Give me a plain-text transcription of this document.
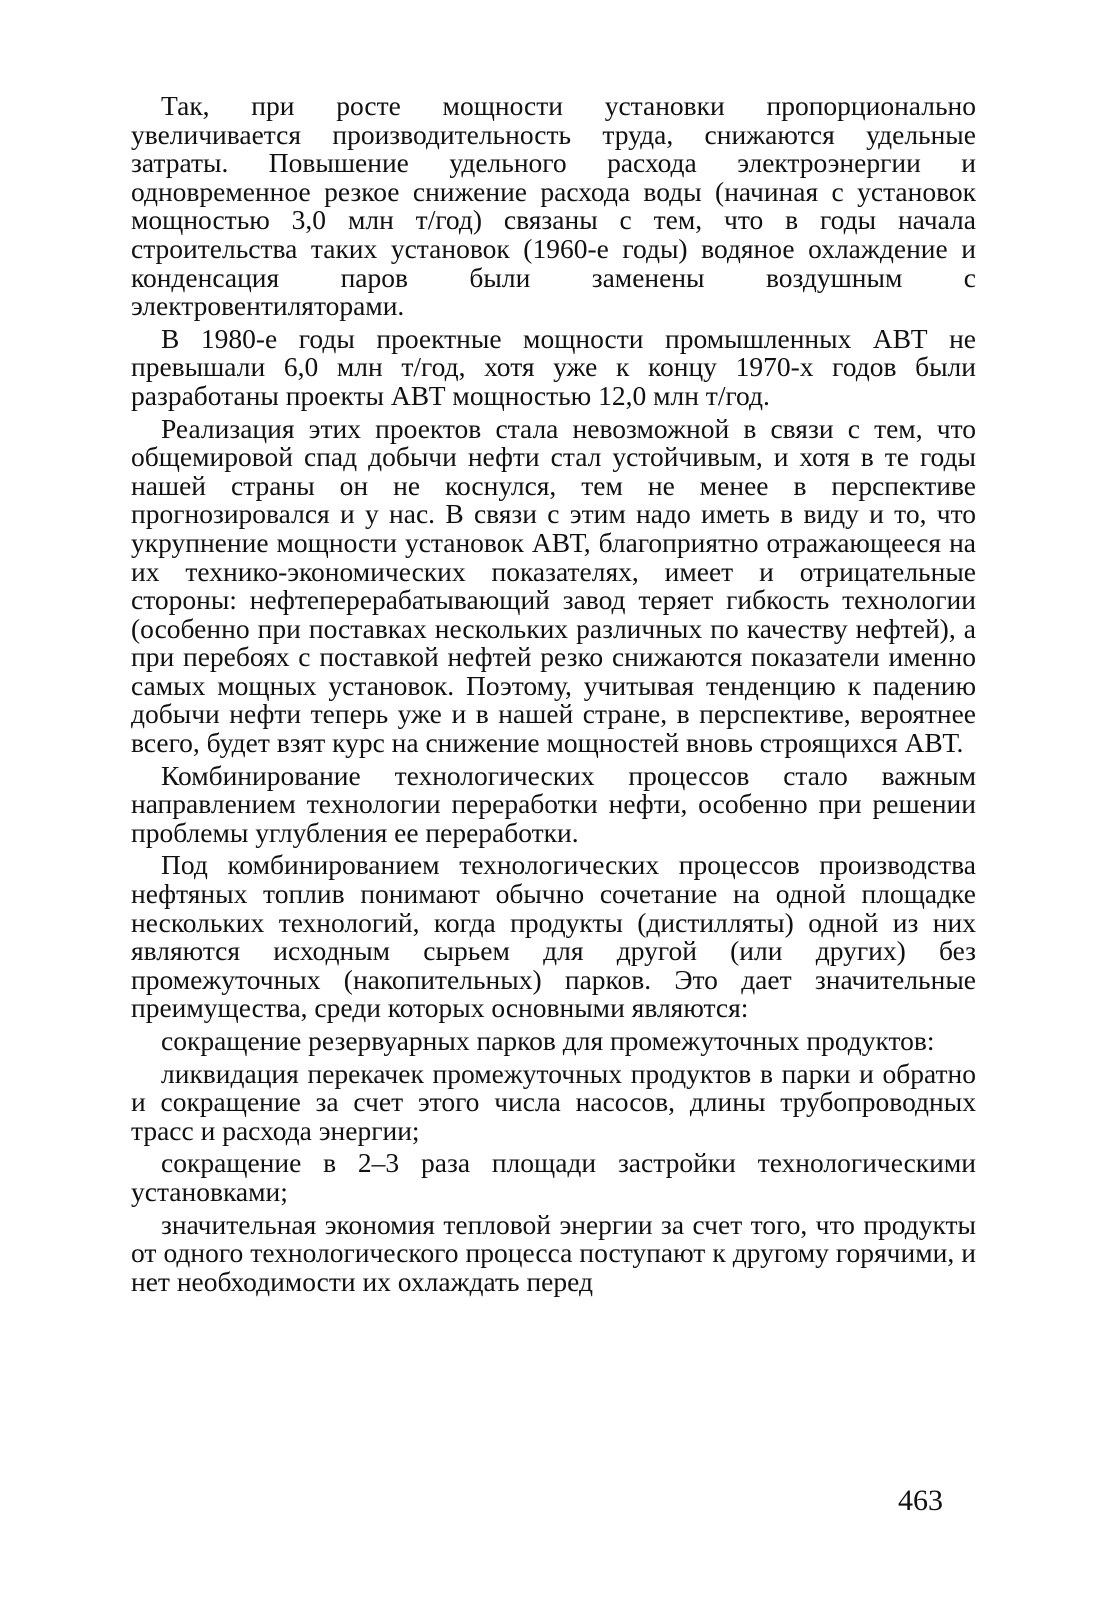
Так, при росте мощности установки пропорционально увеличивается производительность труда, снижаются удельные затраты. Повышение удельного расхода электроэнергии и одновременное резкое снижение расхода воды (начиная с установок мощностью 3,0 млн т/год) связаны с тем, что в годы начала строительства таких установок (1960-е годы) водяное охлаждение и конденсация паров были заменены воздушным с электровентиляторами.

В 1980-е годы проектные мощности промышленных АВТ не превышали 6,0 млн т/год, хотя уже к концу 1970-х годов были разработаны проекты АВТ мощностью 12,0 млн т/год.

Реализация этих проектов стала невозможной в связи с тем, что общемировой спад добычи нефти стал устойчивым, и хотя в те годы нашей страны он не коснулся, тем не менее в перспективе прогнозировался и у нас. В связи с этим надо иметь в виду и то, что укрупнение мощности установок АВТ, благоприятно отражающееся на их технико-экономических показателях, имеет и отрицательные стороны: нефтеперерабатывающий завод теряет гибкость технологии (особенно при поставках нескольких различных по качеству нефтей), а при перебоях с поставкой нефтей резко снижаются показатели именно самых мощных установок. Поэтому, учитывая тенденцию к падению добычи нефти теперь уже и в нашей стране, в перспективе, вероятнее всего, будет взят курс на снижение мощностей вновь строящихся АВТ.

Комбинирование технологических процессов стало важным направлением технологии переработки нефти, особенно при решении проблемы углубления ее переработки.

Под комбинированием технологических процессов производства нефтяных топлив понимают обычно сочетание на одной площадке нескольких технологий, когда продукты (дистилляты) одной из них являются исходным сырьем для другой (или других) без промежуточных (накопительных) парков. Это дает значительные преимущества, среди которых основными являются:

сокращение резервуарных парков для промежуточных продуктов:

ликвидация перекачек промежуточных продуктов в парки и обратно и сокращение за счет этого числа насосов, длины трубопроводных трасс и расхода энергии;

сокращение в 2–3 раза площади застройки технологическими установками;

значительная экономия тепловой энергии за счет того, что продукты от одного технологического процесса поступают к другому горячими, и нет необходимости их охлаждать перед

463
